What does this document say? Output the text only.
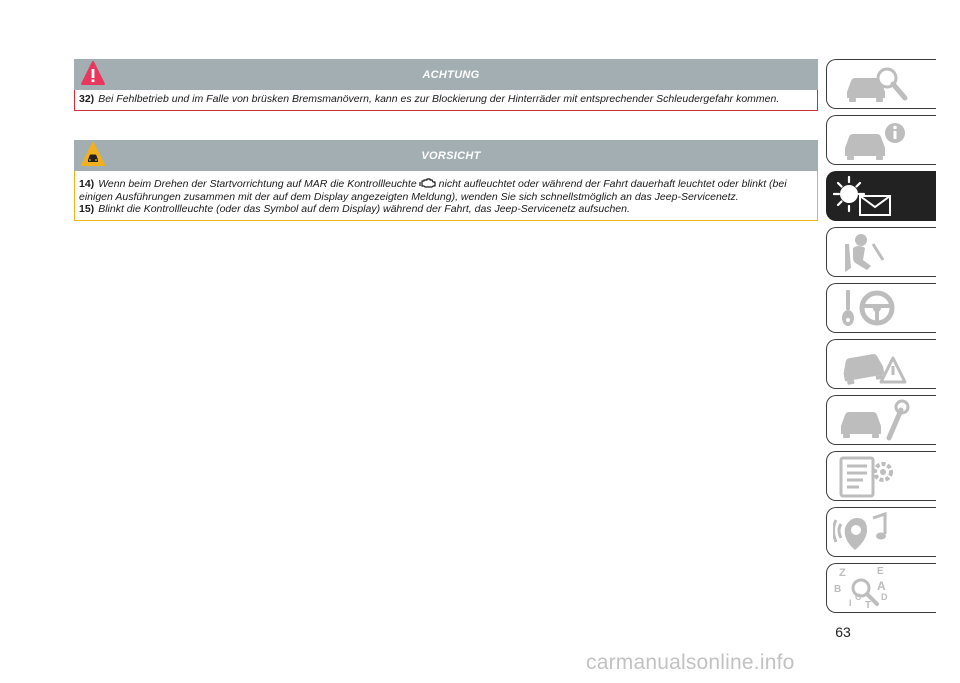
ACHTUNG

32) Bei Fehlbetrieb und im Falle von brüsken Bremsmanövern, kann es zur Blockierung der Hinterräder mit entsprechender Schleudergefahr kommen.

VORSICHT

14) Wenn beim Drehen der Startvorrichtung auf MAR die Kontrollleuchte nicht aufleuchtet oder während der Fahrt dauerhaft leuchtet oder blinkt (bei einigen Ausführungen zusammen mit der auf dem Display angezeigten Meldung), wenden Sie sich schnellstmöglich an das Jeep-Servicenetz.

15) Blinkt die Kontrollleuchte (oder das Symbol auf dem Display) während der Fahrt, das Jeep-Servicenetz aufsuchen.

Z	E
B	A
D
I
C
T
63
carmanualsonline.info
